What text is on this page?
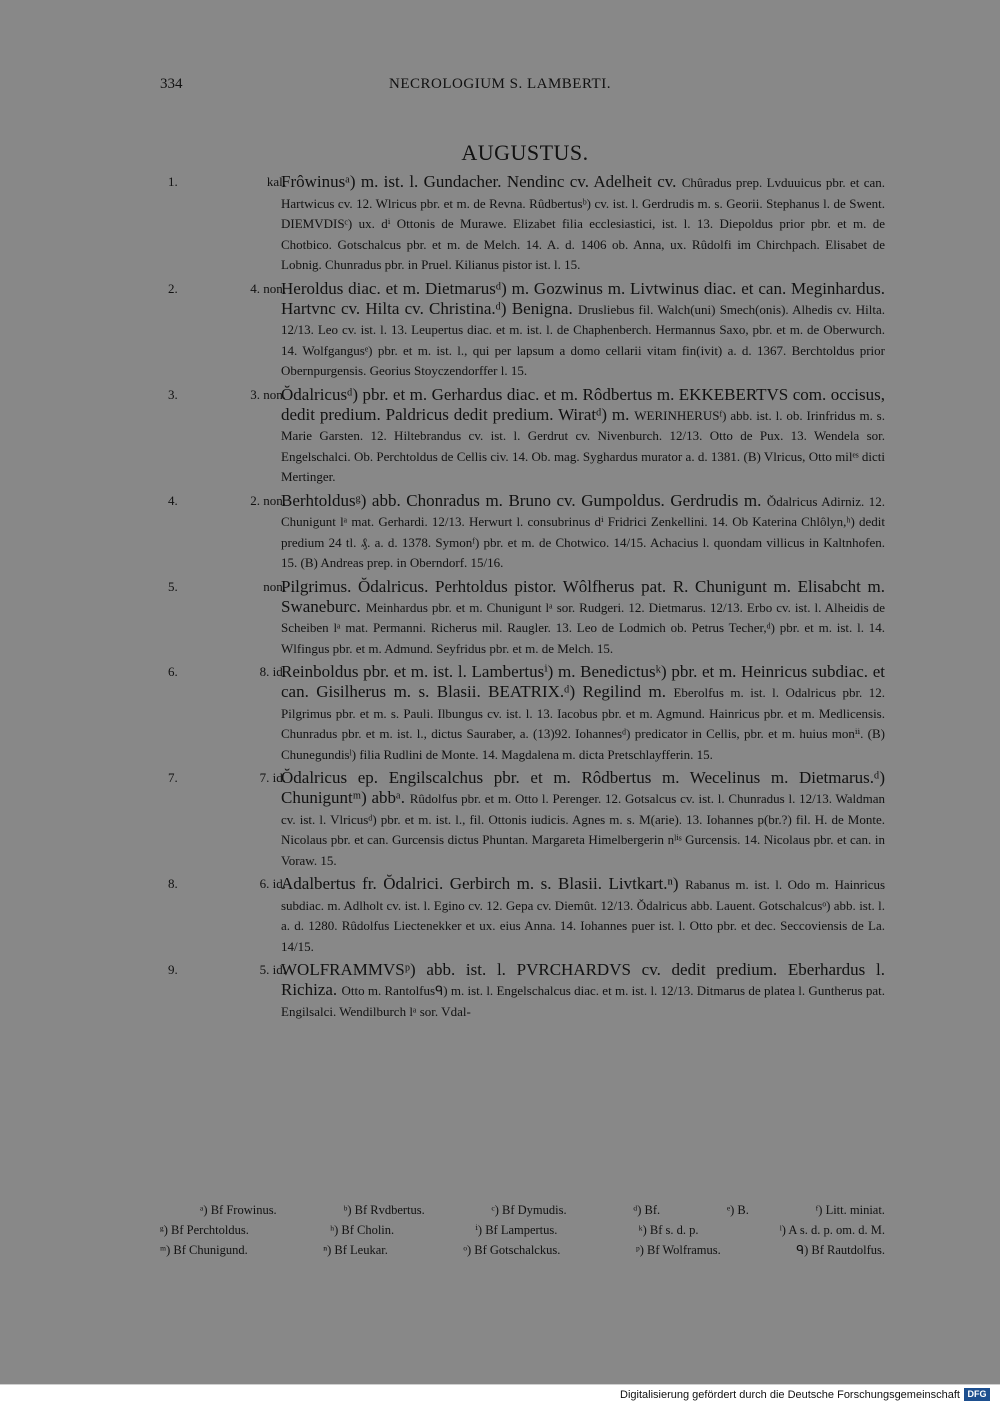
334	NECROLOGIUM S. LAMBERTI.
AUGUSTUS.
1.	kal.
Frôwinusᵃ) m. ist. l. Gundacher. Nendinc cv. Adelheit cv. Chûradus prep. Lvduuicus pbr. et can. Hartwicus cv. 12. Wlricus pbr. et m. de Revna. Rûdbertusᵇ) cv. ist. l. Gerdrudis m. s. Georii. Stephanus l. de Swent. DIEMVDISᶜ) ux. dⁱ Ottonis de Murawe. Elizabet filia ecclesiastici, ist. l. 13. Diepoldus prior pbr. et m. de Chotbico. Gotschalcus pbr. et m. de Melch. 14. A. d. 1406 ob. Anna, ux. Rûdolfi im Chirchpach. Elisabet de Lobnig. Chunradus pbr. in Pruel. Kilianus pistor ist. l. 15.
2.	4. non.
Heroldus diac. et m. Dietmarusᵈ) m. Gozwinus m. Livtwinus diac. et can. Meginhardus. Hartvnc cv. Hilta cv. Christina.ᵈ) Benigna. Drusliebus fil. Walch(uni) Smech(onis). Alhedis cv. Hilta. 12/13. Leo cv. ist. l. 13. Leupertus diac. et m. ist. l. de Chaphenberch. Hermannus Saxo, pbr. et m. de Oberwurch. 14. Wolfgangusᵉ) pbr. et m. ist. l., qui per lapsum a domo cellarii vitam fin(ivit) a. d. 1367. Berchtoldus prior Obernpurgensis. Georius Stoyczendorffer l. 15.
3.	3. non.
Ŏdalricusᵈ) pbr. et m. Gerhardus diac. et m. Rôdbertus m. EKKEBERTVS com. occisus, dedit predium. Paldricus dedit predium. Wiratᵈ) m. WERINHERUSᶠ) abb. ist. l. ob. Irinfridus m. s. Marie Garsten. 12. Hiltebrandus cv. ist. l. Gerdrut cv. Nivenburch. 12/13. Otto de Pux. 13. Wendela sor. Engelschalci. Ob. Perchtoldus de Cellis civ. 14. Ob. mag. Syghardus murator a. d. 1381. (B) Vlricus, Otto milᵉˢ dicti Mertinger.
4.	2. non.
Berhtoldusᵍ) abb. Chonradus m. Bruno cv. Gumpoldus. Gerdrudis m. Ŏdalricus Adirniz. 12. Chunigunt lᵃ mat. Gerhardi. 12/13. Herwurt l. consubrinus dⁱ Fridrici Zenkellini. 14. Ob Katerina Chlôlyn,ʰ) dedit predium 24 tl. ₰. a. d. 1378. Symonᶠ) pbr. et m. de Chotwico. 14/15. Achacius l. quondam villicus in Kaltnhofen. 15. (B) Andreas prep. in Oberndorf. 15/16.
5.	non.
Pilgrimus. Ŏdalricus. Perhtoldus pistor. Wôlfherus pat. R. Chunigunt m. Elisabcht m. Swaneburc. Meinhardus pbr. et m. Chunigunt lᵃ sor. Rudgeri. 12. Dietmarus. 12/13. Erbo cv. ist. l. Alheidis de Scheiben lᵃ mat. Permanni. Richerus mil. Raugler. 13. Leo de Lodmich ob. Petrus Techer,ᵈ) pbr. et m. ist. l. 14. Wlfingus pbr. et m. Admund. Seyfridus pbr. et m. de Melch. 15.
6.	8. id.
Reinboldus pbr. et m. ist. l. Lambertusⁱ) m. Benedictusᵏ) pbr. et m. Heinricus subdiac. et can. Gisilherus m. s. Blasii. BEATRIX.ᵈ) Regilind m. Eberolfus m. ist. l. Odalricus pbr. 12. Pilgrimus pbr. et m. s. Pauli. Ilbungus cv. ist. l. 13. Iacobus pbr. et m. Agmund. Hainricus pbr. et m. Medlicensis. Chunradus pbr. et m. ist. l., dictus Sauraber, a. (13)92. Iohannesᵈ) predicator in Cellis, pbr. et m. huius monⁱⁱ. (B) Chunegundisˡ) filia Rudlini de Monte. 14. Magdalena m. dicta Pretschlayfferin. 15.
7.	7. id.
Ŏdalricus ep. Engilscalchus pbr. et m. Rôdbertus m. Wecelinus m. Dietmarus.ᵈ) Chuniguntᵐ) abbᵃ. Rûdolfus pbr. et m. Otto l. Perenger. 12. Gotsalcus cv. ist. l. Chunradus l. 12/13. Waldman cv. ist. l. Vlricusᵈ) pbr. et m. ist. l., fil. Ottonis iudicis. Agnes m. s. M(arie). 13. Iohannes p(br.?) fil. H. de Monte. Nicolaus pbr. et can. Gurcensis dictus Phuntan. Margareta Himelbergerin nˡⁱˢ Gurcensis. 14. Nicolaus pbr. et can. in Voraw. 15.
8.	6. id.
Adalbertus fr. Ŏdalrici. Gerbirch m. s. Blasii. Livtkart.ⁿ) Rabanus m. ist. l. Odo m. Hainricus subdiac. m. Adlholt cv. ist. l. Egino cv. 12. Gepa cv. Diemût. 12/13. Ŏdalricus abb. Lauent. Gotschalcusᵒ) abb. ist. l. a. d. 1280. Rûdolfus Liectenekker et ux. eius Anna. 14. Iohannes puer ist. l. Otto pbr. et dec. Seccoviensis de La. 14/15.
9.	5. id.
WOLFRAMMVSᵖ) abb. ist. l. PVRCHARDVS cv. dedit predium. Eberhardus l. Richiza. Otto m. Rantolfusᑫ) m. ist. l. Engelschalcus diac. et m. ist. l. 12/13. Ditmarus de platea l. Guntherus pat. Engilsalci. Wendilburch lᵃ sor. Vdal-
ᵃ) Bf Frowinus.	ᵇ) Bf Rvdbertus.	ᶜ) Bf Dymudis.	ᵈ) Bf.	ᵉ) B.	ᶠ) Litt. miniat.
ᵍ) Bf Perchtoldus.	ʰ) Bf Cholin.	ⁱ) Bf Lampertus.	ᵏ) Bf s. d. p.	ˡ) A s. d. p. om. d. M.
ᵐ) Bf Chunigund.	ⁿ) Bf Leukar.	ᵒ) Bf Gotschalckus.	ᵖ) Bf Wolframus.	ᑫ) Bf Rautdolfus.
Digitalisierung gefördert durch die Deutsche Forschungsgemeinschaft DFG
